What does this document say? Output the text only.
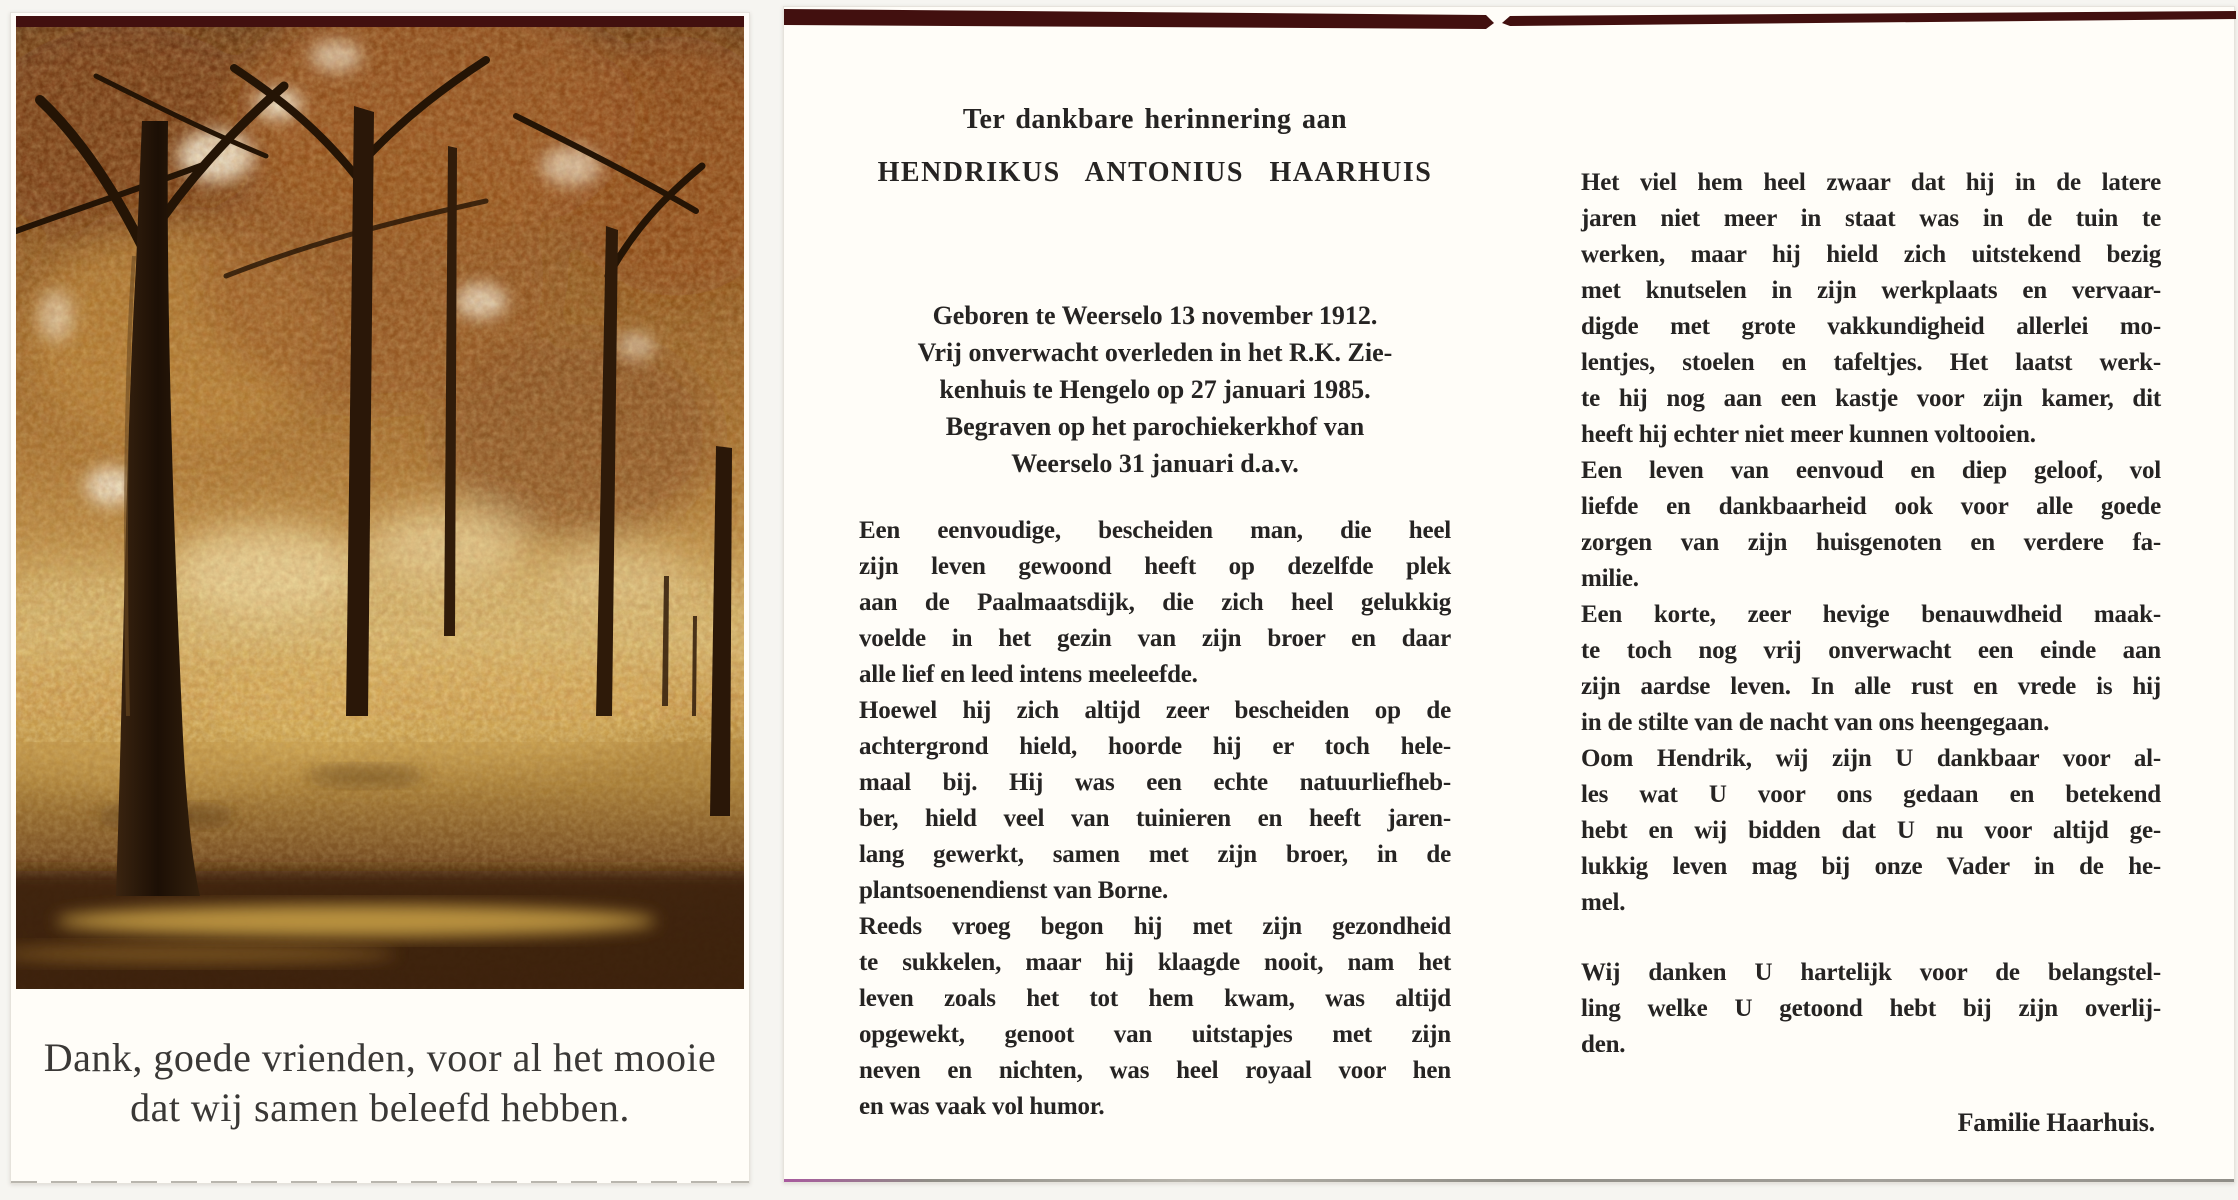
Dank, goede vrienden, voor al het mooie
dat wij samen beleefd hebben.
Ter dankbare herinnering aan
HENDRIKUS ANTONIUS HAARHUIS
Geboren te Weerselo 13 november 1912.
Vrij onverwacht overleden in het R.K. Zie-
kenhuis te Hengelo op 27 januari 1985.
Begraven op het parochiekerkhof van
Weerselo 31 januari d.a.v.
Een eenvoudige, bescheiden man, die heel
zijn leven gewoond heeft op dezelfde plek
aan de Paalmaatsdijk, die zich heel gelukkig
voelde in het gezin van zijn broer en daar
alle lief en leed intens meeleefde.
Hoewel hij zich altijd zeer bescheiden op de
achtergrond hield, hoorde hij er toch hele-
maal bij. Hij was een echte natuurliefheb-
ber, hield veel van tuinieren en heeft jaren-
lang gewerkt, samen met zijn broer, in de
plantsoenendienst van Borne.
Reeds vroeg begon hij met zijn gezondheid
te sukkelen, maar hij klaagde nooit, nam het
leven zoals het tot hem kwam, was altijd
opgewekt, genoot van uitstapjes met zijn
neven en nichten, was heel royaal voor hen
en was vaak vol humor.
Het viel hem heel zwaar dat hij in de latere
jaren niet meer in staat was in de tuin te
werken, maar hij hield zich uitstekend bezig
met knutselen in zijn werkplaats en vervaar-
digde met grote vakkundigheid allerlei mo-
lentjes, stoelen en tafeltjes. Het laatst werk-
te hij nog aan een kastje voor zijn kamer, dit
heeft hij echter niet meer kunnen voltooien.
Een leven van eenvoud en diep geloof, vol
liefde en dankbaarheid ook voor alle goede
zorgen van zijn huisgenoten en verdere fa-
milie.
Een korte, zeer hevige benauwdheid maak-
te toch nog vrij onverwacht een einde aan
zijn aardse leven. In alle rust en vrede is hij
in de stilte van de nacht van ons heengegaan.
Oom Hendrik, wij zijn U dankbaar voor al-
les wat U voor ons gedaan en betekend
hebt en wij bidden dat U nu voor altijd ge-
lukkig leven mag bij onze Vader in de he-
mel.
Wij danken U hartelijk voor de belangstel-
ling welke U getoond hebt bij zijn overlij-
den.
Familie Haarhuis.
